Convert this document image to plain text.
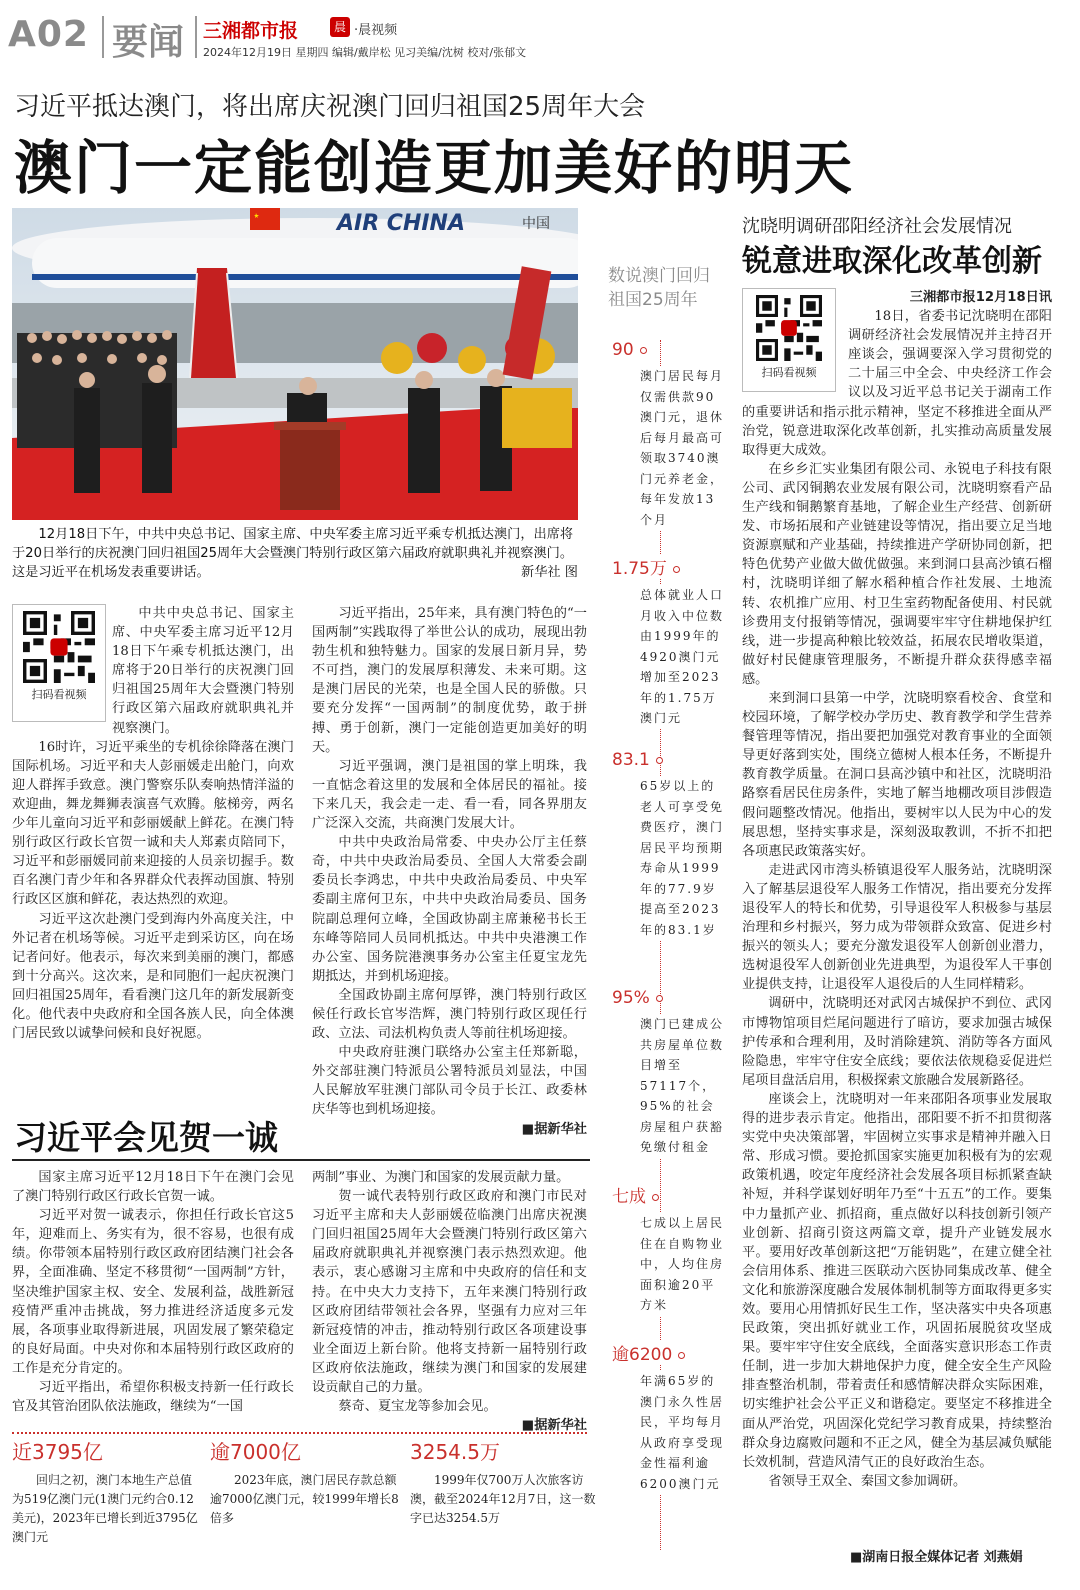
A02 要闻 三湘都市报	晨 ·晨视频
2024年12月19日 星期四 编辑/戴岸松 见习美编/沈树 校对/张郁文
习近平抵达澳门，将出席庆祝澳门回归祖国25周年大会
澳门一定能创造更加美好的明天
AIR CHINA	中国
12月18日下午，中共中央总书记、国家主席、中央军委主席习近平乘专机抵达澳门，出席将于20日举行的庆祝澳门回归祖国25周年大会暨澳门特别行政区第六届政府就职典礼并视察澳门。这是习近平在机场发表重要讲话。	新华社 图
扫码看视频

中共中央总书记、国家主席、中央军委主席习近平12月18日下午乘专机抵达澳门，出席将于20日举行的庆祝澳门回归祖国25周年大会暨澳门特别行政区第六届政府就职典礼并视察澳门。

16时许，习近平乘坐的专机徐徐降落在澳门国际机场。习近平和夫人彭丽媛走出舱门，向欢迎人群挥手致意。澳门警察乐队奏响热情洋溢的欢迎曲，舞龙舞狮表演喜气欢腾。舷梯旁，两名少年儿童向习近平和彭丽媛献上鲜花。在澳门特别行政区行政长官贺一诚和夫人郑素贞陪同下，习近平和彭丽媛同前来迎接的人员亲切握手。数百名澳门青少年和各界群众代表挥动国旗、特别行政区区旗和鲜花，表达热烈的欢迎。

习近平这次赴澳门受到海内外高度关注，中外记者在机场等候。习近平走到采访区，向在场记者问好。他表示，每次来到美丽的澳门，都感到十分高兴。这次来，是和同胞们一起庆祝澳门回归祖国25周年，看看澳门这几年的新发展新变化。他代表中央政府和全国各族人民，向全体澳门居民致以诚挚问候和良好祝愿。

习近平指出，25年来，具有澳门特色的“一国两制”实践取得了举世公认的成功，展现出勃勃生机和独特魅力。国家的发展日新月异，势不可挡，澳门的发展厚积薄发、未来可期。这是澳门居民的光荣，也是全国人民的骄傲。只要充分发挥“一国两制”的制度优势，敢于拼搏、勇于创新，澳门一定能创造更加美好的明天。

习近平强调，澳门是祖国的掌上明珠，我一直惦念着这里的发展和全体居民的福祉。接下来几天，我会走一走、看一看，同各界朋友广泛深入交流，共商澳门发展大计。

中共中央政治局常委、中央办公厅主任蔡奇，中共中央政治局委员、全国人大常委会副委员长李鸿忠，中共中央政治局委员、中央军委副主席何卫东，中共中央政治局委员、国务院副总理何立峰，全国政协副主席兼秘书长王东峰等陪同人员同机抵达。中共中央港澳工作办公室、国务院港澳事务办公室主任夏宝龙先期抵达，并到机场迎接。

全国政协副主席何厚铧，澳门特别行政区候任行政长官岑浩辉，澳门特别行政区现任行政、立法、司法机构负责人等前往机场迎接。

中央政府驻澳门联络办公室主任郑新聪，外交部驻澳门特派员公署特派员刘显法，中国人民解放军驻澳门部队司令员于长江、政委林庆华等也到机场迎接。

■据新华社
习近平会见贺一诚

国家主席习近平12月18日下午在澳门会见了澳门特别行政区行政长官贺一诚。

习近平对贺一诚表示，你担任行政长官这5年，迎难而上、务实有为，很不容易，也很有成绩。你带领本届特别行政区政府团结澳门社会各界，全面准确、坚定不移贯彻“一国两制”方针，坚决维护国家主权、安全、发展利益，战胜新冠疫情严重冲击挑战，努力推进经济适度多元发展，各项事业取得新进展，巩固发展了繁荣稳定的良好局面。中央对你和本届特别行政区政府的工作是充分肯定的。

习近平指出，希望你积极支持新一任行政长官及其管治团队依法施政，继续为“一国

两制”事业、为澳门和国家的发展贡献力量。

贺一诚代表特别行政区政府和澳门市民对习近平主席和夫人彭丽媛莅临澳门出席庆祝澳门回归祖国25周年大会暨澳门特别行政区第六届政府就职典礼并视察澳门表示热烈欢迎。他表示，衷心感谢习主席和中央政府的信任和支持。在中央大力支持下，五年来澳门特别行政区政府团结带领社会各界，坚强有力应对三年新冠疫情的冲击，推动特别行政区各项建设事业全面迈上新台阶。他将支持新一届特别行政区政府依法施政，继续为澳门和国家的发展建设贡献自己的力量。

蔡奇、夏宝龙等参加会见。

■据新华社
近3795亿
回归之初，澳门本地生产总值为519亿澳门元(1澳门元约合0.12美元)，2023年已增长到近3795亿澳门元
逾7000亿
2023年底，澳门居民存款总额逾7000亿澳门元，较1999年增长8倍多
3254.5万
1999年仅700万人次旅客访澳，截至2024年12月7日，这一数字已达3254.5万
数说澳门回归祖国25周年
90
澳门居民每月仅需供款90澳门元，退休后每月最高可领取3740澳门元养老金，每年发放13个月
1.75万
总体就业人口月收入中位数由1999年的4920澳门元增加至2023年的1.75万澳门元
83.1
65岁以上的老人可享受免费医疗，澳门居民平均预期寿命从1999年的77.9岁提高至2023年的83.1岁
95%
澳门已建成公共房屋单位数目增至57117个，95%的社会房屋租户获豁免缴付租金
七成
七成以上居民住在自购物业中，人均住房面积逾20平方米
逾6200
年满65岁的澳门永久性居民，平均每月从政府享受现金性福利逾6200澳门元
沈晓明调研邵阳经济社会发展情况
锐意进取深化改革创新
扫码看视频
三湘都市报12月18日讯

18日，省委书记沈晓明在邵阳调研经济社会发展情况并主持召开座谈会，强调要深入学习贯彻党的二十届三中全会、中央经济工作会议以及习近平总书记关于湖南工作的重要讲话和指示批示精神，坚定不移推进全面从严治党，锐意进取深化改革创新，扎实推动高质量发展取得更大成效。

在乡乡汇实业集团有限公司、永锐电子科技有限公司、武冈铜鹅农业发展有限公司，沈晓明察看产品生产线和铜鹅繁育基地，了解企业生产经营、创新研发、市场拓展和产业链建设等情况，指出要立足当地资源禀赋和产业基础，持续推进产学研协同创新，把特色优势产业做大做优做强。来到洞口县高沙镇石榴村，沈晓明详细了解水稻种植合作社发展、土地流转、农机推广应用、村卫生室药物配备使用、村民就诊费用支付报销等情况，强调要牢牢守住耕地保护红线，进一步提高种粮比较效益，拓展农民增收渠道，做好村民健康管理服务，不断提升群众获得感幸福感。

来到洞口县第一中学，沈晓明察看校舍、食堂和校园环境，了解学校办学历史、教育教学和学生营养餐管理等情况，指出要把加强党对教育事业的全面领导更好落到实处，围绕立德树人根本任务，不断提升教育教学质量。在洞口县高沙镇中和社区，沈晓明沿路察看居民住房条件，实地了解当地棚改项目涉假造假问题整改情况。他指出，要树牢以人民为中心的发展思想，坚持实事求是，深刻汲取教训，不折不扣把各项惠民政策落实好。

走进武冈市湾头桥镇退役军人服务站，沈晓明深入了解基层退役军人服务工作情况，指出要充分发挥退役军人的特长和优势，引导退役军人积极参与基层治理和乡村振兴，努力成为带领群众致富、促进乡村振兴的领头人；要充分激发退役军人创新创业潜力，选树退役军人创新创业先进典型，为退役军人干事创业提供支持，让退役军人退役后的人生同样精彩。

调研中，沈晓明还对武冈古城保护不到位、武冈市博物馆项目烂尾问题进行了暗访，要求加强古城保护传承和合理利用，及时消除建筑、消防等各方面风险隐患，牢牢守住安全底线；要依法依规稳妥促进烂尾项目盘活启用，积极探索文旅融合发展新路径。

座谈会上，沈晓明对一年来邵阳各项事业发展取得的进步表示肯定。他指出，邵阳要不折不扣贯彻落实党中央决策部署，牢固树立实事求是精神并融入日常、形成习惯。要抢抓国家实施更加积极有为的宏观政策机遇，咬定年度经济社会发展各项目标抓紧查缺补短，并科学谋划好明年乃至“十五五”的工作。要集中力量抓产业、抓招商，重点做好以科技创新引领产业创新、招商引资这两篇文章，提升产业链发展水平。要用好改革创新这把“万能钥匙”，在建立健全社会信用体系、推进三医联动六医协同集成改革、健全文化和旅游深度融合发展体制机制等方面取得更多实效。要用心用情抓好民生工作，坚决落实中央各项惠民政策，突出抓好就业工作，巩固拓展脱贫攻坚成果。要牢牢守住安全底线，全面落实意识形态工作责任制，进一步加大耕地保护力度，健全安全生产风险排查整治机制，带着责任和感情解决群众实际困难，切实维护社会公平正义和谐稳定。要坚定不移推进全面从严治党，巩固深化党纪学习教育成果，持续整治群众身边腐败问题和不正之风，健全为基层减负赋能长效机制，营造风清气正的良好政治生态。

省领导王双全、秦国文参加调研。

■湖南日报全媒体记者 刘燕娟
